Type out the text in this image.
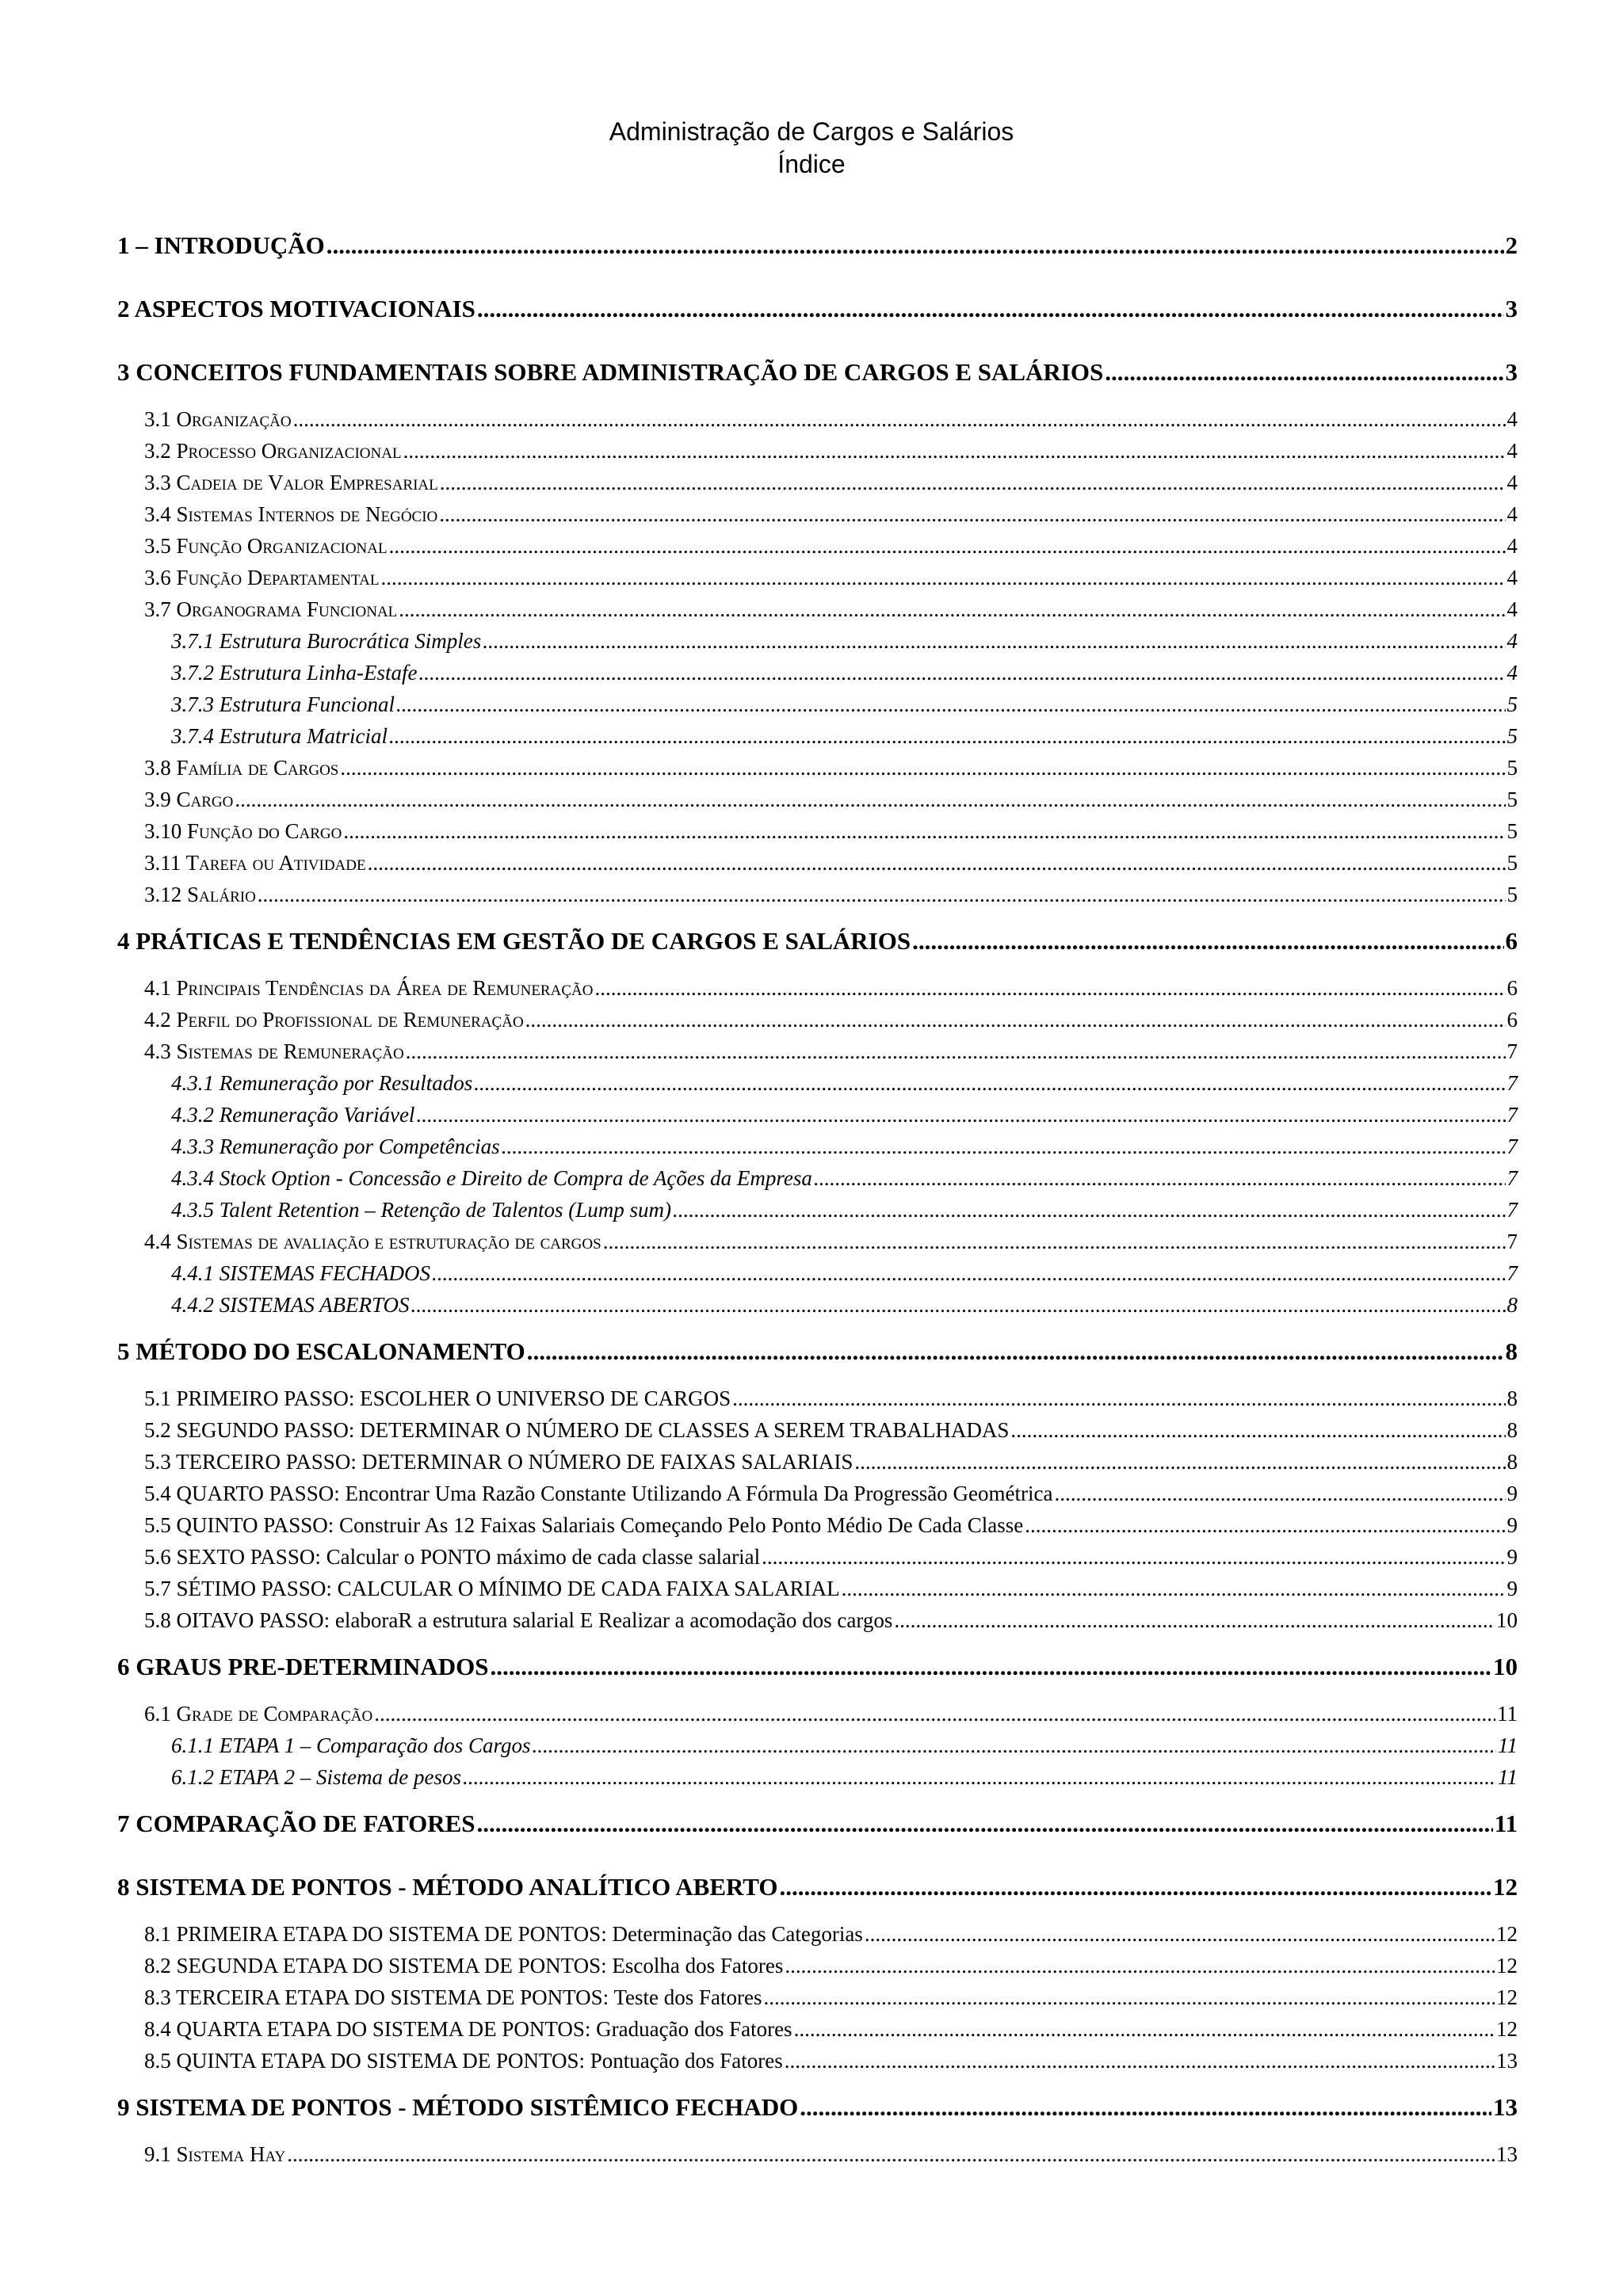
Administração de Cargos e Salários
Índice
1 – INTRODUÇÃO .....	2
2 ASPECTOS MOTIVACIONAIS .....	3
3 CONCEITOS FUNDAMENTAIS SOBRE ADMINISTRAÇÃO DE CARGOS E SALÁRIOS .....	3
3.1 Organização .....	4
3.2 Processo Organizacional .....	4
3.3 Cadeia de Valor Empresarial .....	4
3.4 Sistemas Internos de Negócio .....	4
3.5 Função Organizacional .....	4
3.6 Função Departamental .....	4
3.7 Organograma Funcional .....	4
3.7.1 Estrutura Burocrática Simples .....	4
3.7.2 Estrutura Linha-Estafe .....	4
3.7.3 Estrutura Funcional .....	5
3.7.4 Estrutura Matricial .....	5
3.8 Família de Cargos .....	5
3.9 Cargo .....	5
3.10 Função do Cargo .....	5
3.11 Tarefa ou Atividade .....	5
3.12 Salário .....	5
4 PRÁTICAS E TENDÊNCIAS EM GESTÃO DE CARGOS E SALÁRIOS .....	6
4.1 Principais Tendências da Área de Remuneração .....	6
4.2 Perfil do Profissional de Remuneração .....	6
4.3 Sistemas de Remuneração .....	7
4.3.1 Remuneração por Resultados .....	7
4.3.2 Remuneração Variável .....	7
4.3.3 Remuneração por Competências .....	7
4.3.4 Stock Option - Concessão e Direito de Compra de Ações da Empresa .....	7
4.3.5 Talent Retention – Retenção de Talentos (Lump sum) .....	7
4.4 Sistemas de avaliação e estruturação de cargos .....	7
4.4.1 SISTEMAS FECHADOS .....	7
4.4.2 SISTEMAS ABERTOS .....	8
5 MÉTODO DO ESCALONAMENTO .....	8
5.1 PRIMEIRO PASSO: ESCOLHER O UNIVERSO DE CARGOS .....	8
5.2 SEGUNDO PASSO: DETERMINAR O NÚMERO DE CLASSES A SEREM TRABALHADAS .....	8
5.3 TERCEIRO PASSO: DETERMINAR O NÚMERO DE FAIXAS SALARIAIS .....	8
5.4 QUARTO PASSO: Encontrar Uma Razão Constante Utilizando A Fórmula Da Progressão Geométrica .....	9
5.5 QUINTO PASSO: Construir As 12 Faixas Salariais Começando Pelo Ponto Médio De Cada Classe .....	9
5.6 SEXTO PASSO: Calcular o PONTO máximo de cada classe salarial .....	9
5.7 SÉTIMO PASSO: CALCULAR O MÍNIMO DE CADA FAIXA SALARIAL .....	9
5.8 OITAVO PASSO: elaboraR a estrutura salarial E Realizar a acomodação dos cargos .....	10
6 GRAUS PRE-DETERMINADOS .....	10
6.1 Grade de Comparação .....	11
6.1.1 ETAPA 1 – Comparação dos Cargos .....	11
6.1.2 ETAPA 2 – Sistema de pesos .....	11
7 COMPARAÇÃO DE FATORES .....	11
8 SISTEMA DE PONTOS - MÉTODO ANALÍTICO ABERTO .....	12
8.1 PRIMEIRA ETAPA DO SISTEMA DE PONTOS: Determinação das Categorias .....	12
8.2 SEGUNDA ETAPA DO SISTEMA DE PONTOS: Escolha dos Fatores .....	12
8.3 TERCEIRA ETAPA DO SISTEMA DE PONTOS: Teste dos Fatores .....	12
8.4 QUARTA ETAPA DO SISTEMA DE PONTOS: Graduação dos Fatores .....	12
8.5 QUINTA ETAPA DO SISTEMA DE PONTOS: Pontuação dos Fatores .....	13
9 SISTEMA DE PONTOS - MÉTODO SISTÊMICO FECHADO .....	13
9.1 Sistema Hay .....	13
